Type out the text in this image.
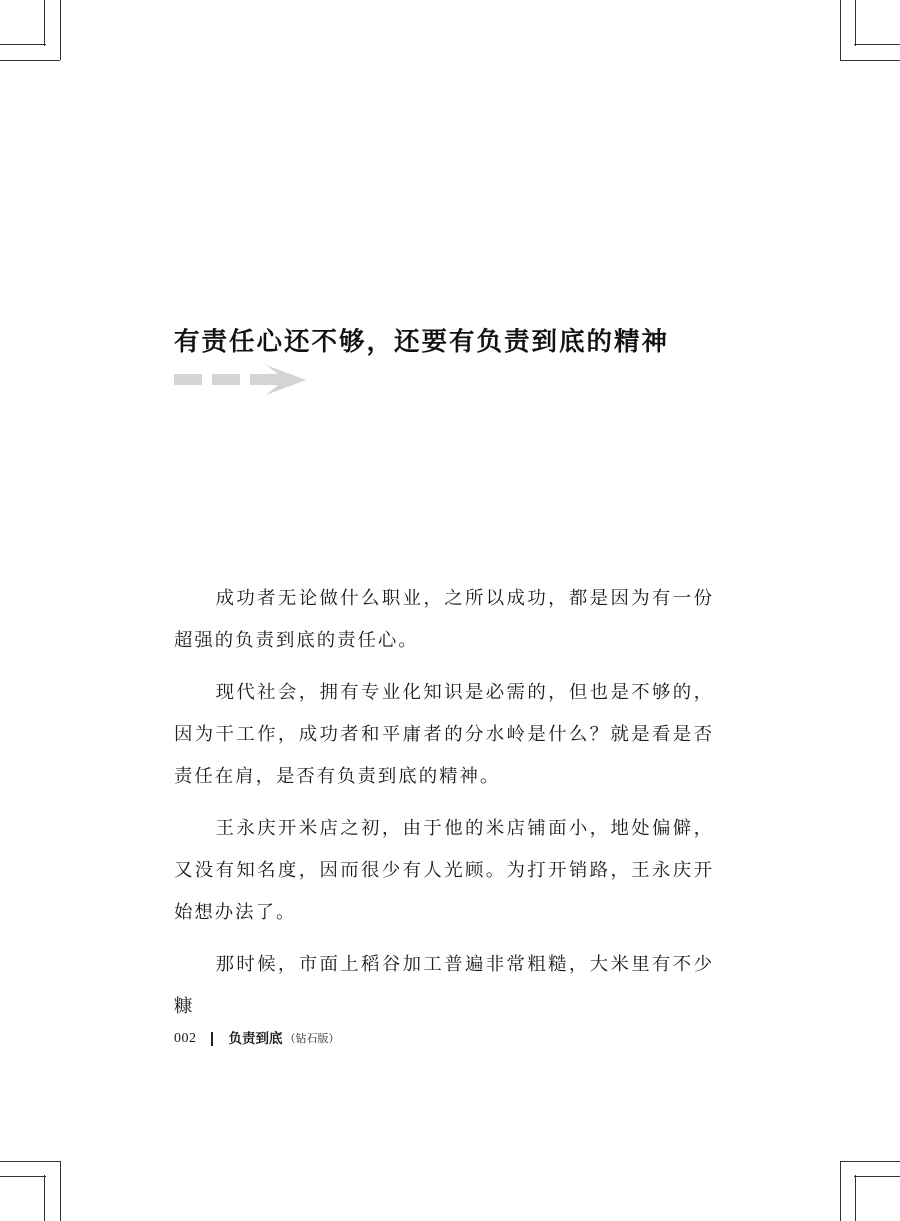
有责任心还不够，还要有负责到底的精神

成功者无论做什么职业，之所以成功，都是因为有一份超强的负责到底的责任心。

现代社会，拥有专业化知识是必需的，但也是不够的，因为干工作，成功者和平庸者的分水岭是什么？就是看是否责任在肩，是否有负责到底的精神。

王永庆开米店之初，由于他的米店铺面小，地处偏僻，又没有知名度，因而很少有人光顾。为打开销路，王永庆开始想办法了。

那时候，市面上稻谷加工普遍非常粗糙，大米里有不少糠

002 负责到底 （钻石版）
